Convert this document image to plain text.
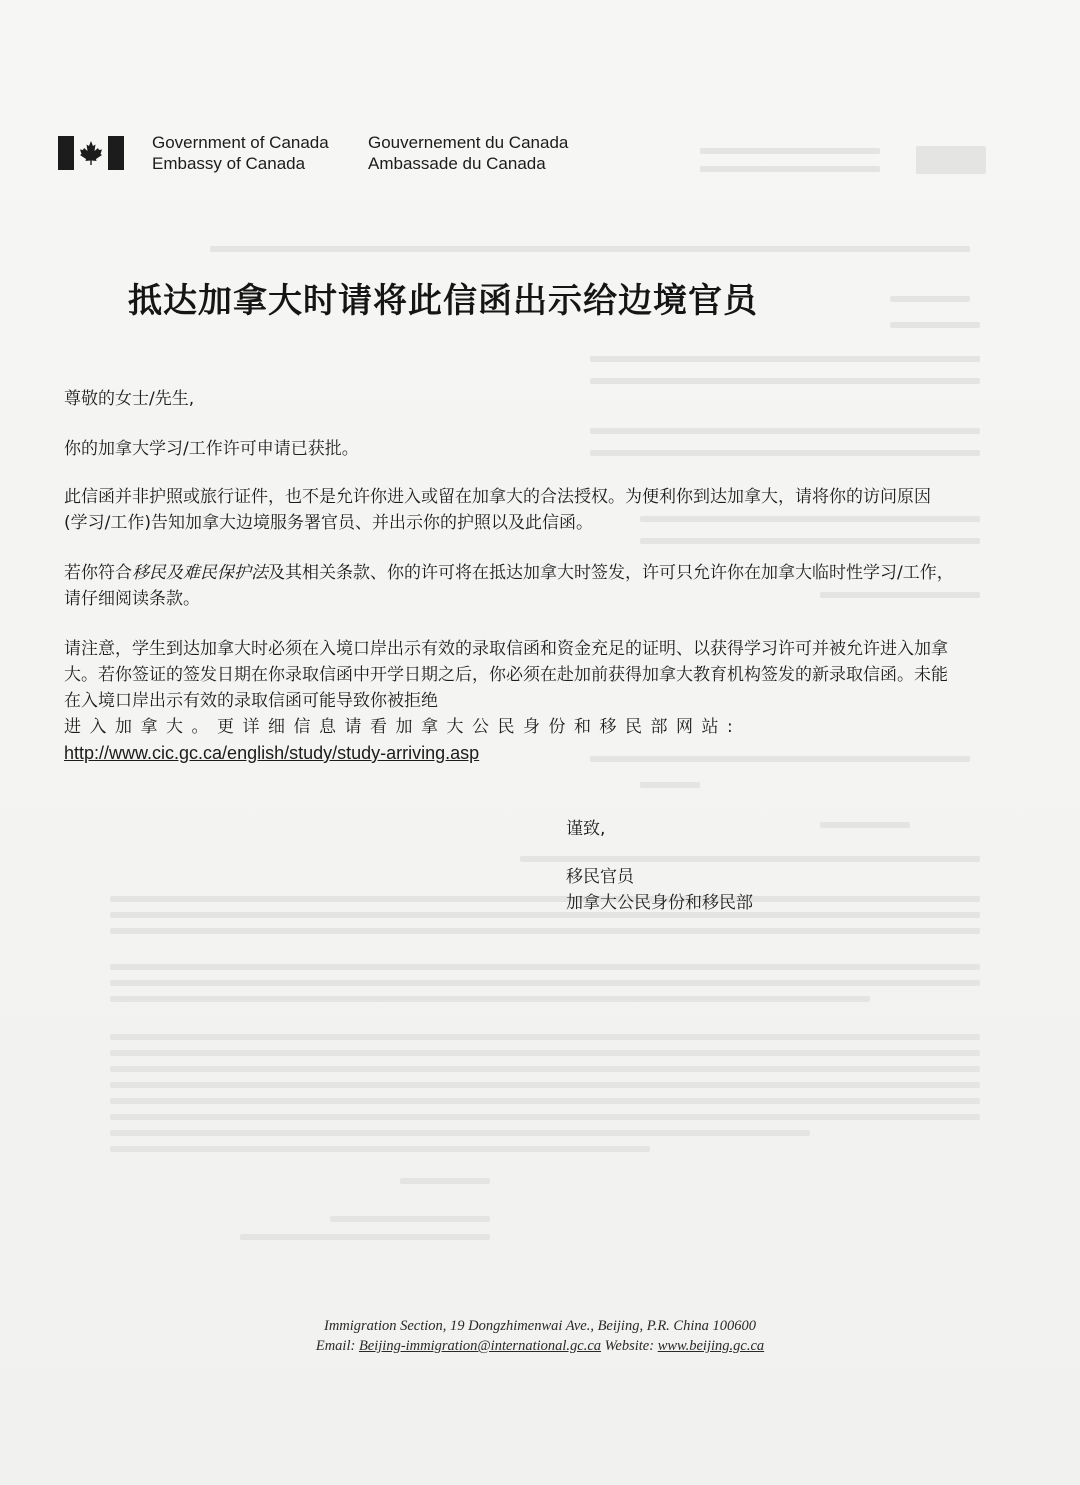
Government of Canada
Embassy of Canada
Gouvernement du Canada
Ambassade du Canada
抵达加拿大时请将此信函出示给边境官员
尊敬的女士/先生,
你的加拿大学习/工作许可申请已获批。
此信函并非护照或旅行证件，也不是允许你进入或留在加拿大的合法授权。为便利你到达加拿大，请将你的访问原因(学习/工作)告知加拿大边境服务署官员、并出示你的护照以及此信函。
若你符合移民及难民保护法及其相关条款、你的许可将在抵达加拿大时签发，许可只允许你在加拿大临时性学习/工作，请仔细阅读条款。
请注意，学生到达加拿大时必须在入境口岸出示有效的录取信函和资金充足的证明、以获得学习许可并被允许进入加拿大。若你签证的签发日期在你录取信函中开学日期之后，你必须在赴加前获得加拿大教育机构签发的新录取信函。未能在入境口岸出示有效的录取信函可能导致你被拒绝
进入加拿大。更详细信息请看加拿大公民身份和移民部网站:
http://www.cic.gc.ca/english/study/study-arriving.asp
谨致,
移民官员
加拿大公民身份和移民部
Immigration Section, 19 Dongzhimenwai Ave., Beijing, P.R. China 100600
Email: Beijing-immigration@international.gc.ca Website: www.beijing.gc.ca
